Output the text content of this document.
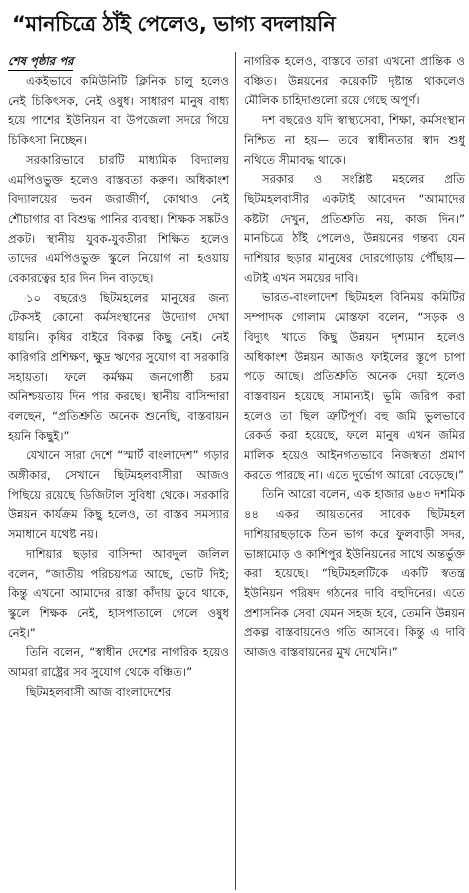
“মানচিত্রে ঠাঁই পেলেও, ভাগ্য বদলায়নি
শেষ পৃষ্ঠার পর

একইভাবে কমিউনিটি ক্লিনিক চালু হলেও নেই চিকিৎসক, নেই ওষুধ। সাধারণ মানুষ বাধ্য হয়ে পাশের ইউনিয়ন বা উপজেলা সদরে গিয়ে চিকিৎসা নিচ্ছেন।

সরকারিভাবে চারটি মাধ্যমিক বিদ্যালয় এমপিওভুক্ত হলেও বাস্তবতা করুণ। অধিকাংশ বিদ্যালয়ের ভবন জরাজীর্ণ, কোথাও নেই শৌচাগার বা বিশুদ্ধ পানির ব্যবস্থা। শিক্ষক সঙ্কটও প্রকট। স্থানীয় যুবক-যুবতীরা শিক্ষিত হলেও তাদের এমপিওভুক্ত স্কুলে নিয়োগ না হওয়ায় বেকারত্বের হার দিন দিন বাড়ছে।

১০ বছরেও ছিটমহলের মানুষের জন্য টেকসই কোনো কর্মসংস্থানের উদ্যোগ দেখা যায়নি। কৃষির বাইরে বিকল্প কিছু নেই। নেই কারিগরি প্রশিক্ষণ, ক্ষুদ্র ঋণের সুযোগ বা সরকারি সহায়তা। ফলে কর্মক্ষম জনগোষ্ঠী চরম অনিশ্চয়তায় দিন পার করছে। স্থানীয় বাসিন্দারা বলছেন, “প্রতিশ্রুতি অনেক শুনেছি, বাস্তবায়ন হয়নি কিছুই।”

যেখানে সারা দেশে “স্মার্ট বাংলাদেশ” গড়ার অঙ্গীকার, সেখানে ছিটমহলবাসীরা আজও পিছিয়ে রয়েছে ডিজিটাল সুবিধা থেকে। সরকারি উন্নয়ন কার্যক্রম কিছু হলেও, তা বাস্তব সমস্যার সমাধানে যথেষ্ট নয়।

দাশিয়ার ছড়ার বাসিন্দা আবদুল জলিল বলেন, “জাতীয় পরিচয়পত্র আছে, ভোট দিই; কিন্তু এখনো আমাদের রাস্তা কাঁদায় ডুবে থাকে, স্কুলে শিক্ষক নেই, হাসপাতালে গেলে ওষুধ নেই।”

তিনি বলেন, “স্বাধীন দেশের নাগরিক হয়েও আমরা রাষ্ট্রের সব সুযোগ থেকে বঞ্চিত।”

ছিটমহলবাসী আজ বাংলাদেশের

নাগরিক হলেও, বাস্তবে তারা এখনো প্রান্তিক ও বঞ্চিত। উন্নয়নের কয়েকটি দৃষ্টান্ত থাকলেও মৌলিক চাহিদাগুলো রয়ে গেছে অপূর্ণ।

দশ বছরেও যদি স্বাস্থ্যসেবা, শিক্ষা, কর্মসংস্থান নিশ্চিত না হয়— তবে স্বাধীনতার স্বাদ শুধু নথিতে সীমাবদ্ধ থাকে।

সরকার ও সংশ্লিষ্ট মহলের প্রতি ছিটমহলবাসীর একটাই আবেদন “আমাদের কষ্টটা দেখুন, প্রতিশ্রুতি নয়, কাজ দিন।” মানচিত্রে ঠাঁই পেলেও, উন্নয়নের গন্তব্য যেন দাশিয়ার ছড়ার মানুষের দোরগোড়ায় পৌঁছায়— এটাই এখন সময়ের দাবি।

ভারত-বাংলাদেশ ছিটমহল বিনিময় কমিটির সম্পাদক গোলাম মোস্তফা বলেন, “সড়ক ও বিদ্যুৎ খাতে কিছু উন্নয়ন দৃশ্যমান হলেও অধিকাংশ উন্নয়ন আজও ফাইলের স্তূপে চাপা পড়ে আছে। প্রতিশ্রুতি অনেক দেয়া হলেও বাস্তবায়ন হয়েছে সামান্যই। ভূমি জরিপ করা হলেও তা ছিল ত্রুটিপূর্ণ। বহু জমি ভুলভাবে রেকর্ড করা হয়েছে, ফলে মানুষ এখন জমির মালিক হয়েও আইনগতভাবে নিজস্বতা প্রমাণ করতে পারছে না। এতে দুর্ভোগ আরো বেড়েছে।”

তিনি আরো বলেন, এক হাজার ৬৪৩ দশমিক ৪৪ একর আয়তনের সাবেক ছিটমহল দাশিয়ারছড়াকে তিন ভাগ করে ফুলবাড়ী সদর, ভাঙ্গামোড় ও কাশিপুর ইউনিয়নের সাথে অন্তর্ভুক্ত করা হয়েছে। “ছিটমহলটিকে একটি স্বতন্ত্র ইউনিয়ন পরিষদ গঠনের দাবি বহুদিনের। এতে প্রশাসনিক সেবা যেমন সহজ হবে, তেমনি উন্নয়ন প্রকল্প বাস্তবায়নেও গতি আসবে। কিন্তু এ দাবি আজও বাস্তবায়নের মুখ দেখেনি।”
